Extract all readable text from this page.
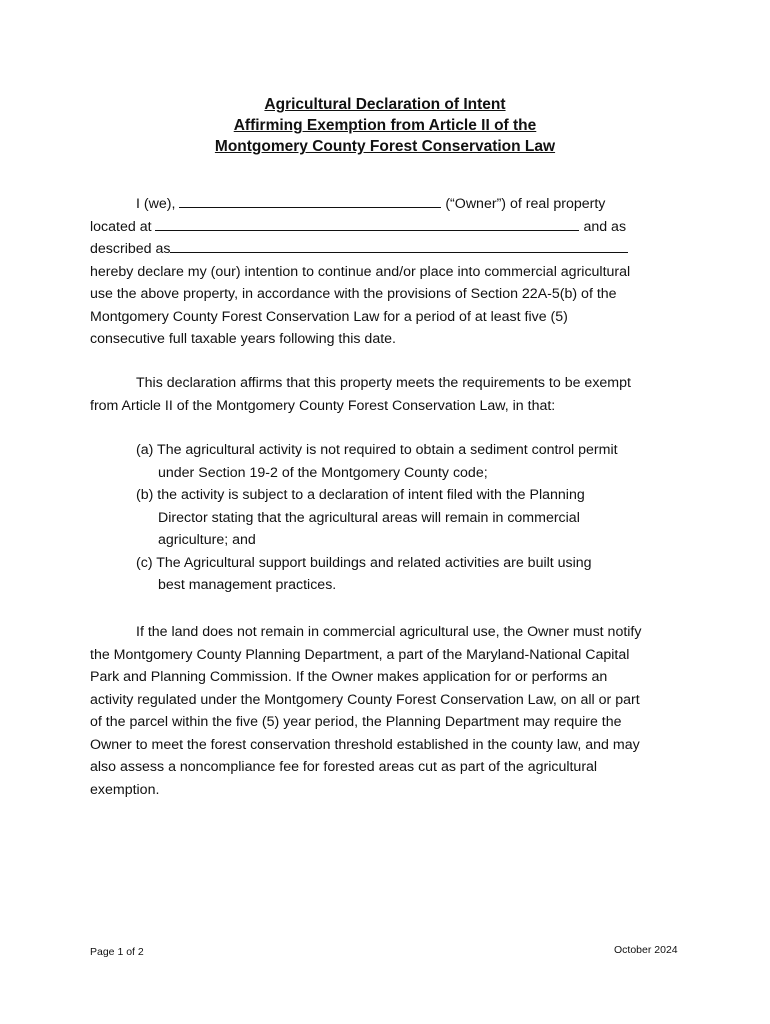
Agricultural Declaration of Intent
Affirming Exemption from Article II of the
Montgomery County Forest Conservation Law
I (we),	(“Owner”) of real property
located at	and as
described as
hereby declare my (our) intention to continue and/or place into commercial agricultural
use the above property, in accordance with the provisions of Section 22A-5(b) of the
Montgomery County Forest Conservation Law for a period of at least five (5)
consecutive full taxable years following this date.
This declaration affirms that this property meets the requirements to be exempt
from Article II of the Montgomery County Forest Conservation Law, in that:
(a) The agricultural activity is not required to obtain a sediment control permit
under Section 19-2 of the Montgomery County code;
(b) the activity is subject to a declaration of intent filed with the Planning
Director stating that the agricultural areas will remain in commercial
agriculture; and
(c) The Agricultural support buildings and related activities are built using
best management practices.
If the land does not remain in commercial agricultural use, the Owner must notify
the Montgomery County Planning Department, a part of the Maryland-National Capital
Park and Planning Commission. If the Owner makes application for or performs an
activity regulated under the Montgomery County Forest Conservation Law, on all or part
of the parcel within the five (5) year period, the Planning Department may require the
Owner to meet the forest conservation threshold established in the county law, and may
also assess a noncompliance fee for forested areas cut as part of the agricultural
exemption.
Page 1 of 2	October 2024
